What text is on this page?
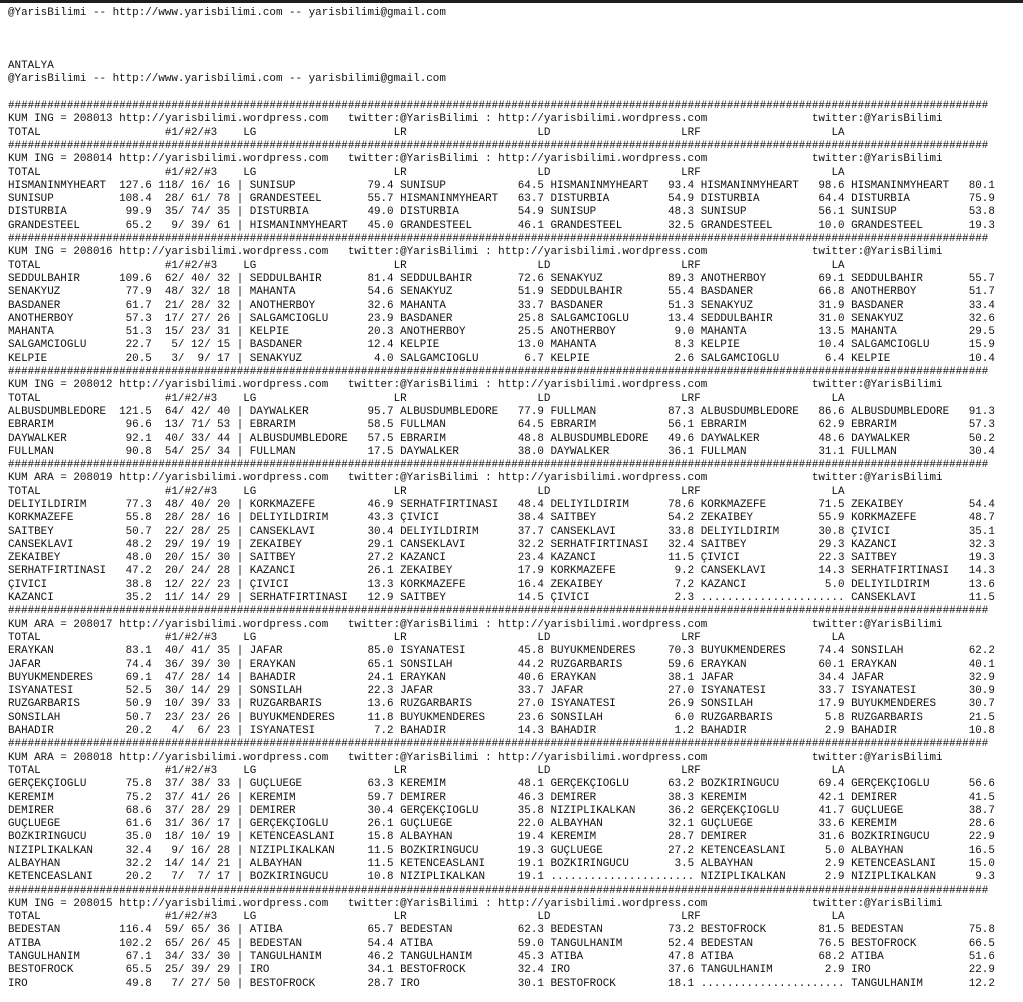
@YarisBilimi -- http://www.yarisbilimi.com -- yarisbilimi@gmail.com

ANTALYA
@YarisBilimi -- http://www.yarisbilimi.com -- yarisbilimi@gmail.com

######################################################################################################################################################
KUM ING = 208013 http://yarisbilimi.wordpress.com   twitter:@YarisBilimi : http://yarisbilimi.wordpress.com                twitter:@YarisBilimi
TOTAL                   #1/#2/#3    LG                     LR                    LD                    LRF                    LA
######################################################################################################################################################
KUM ING = 208014 http://yarisbilimi.wordpress.com   twitter:@YarisBilimi : http://yarisbilimi.wordpress.com                twitter:@YarisBilimi
TOTAL                   #1/#2/#3    LG                     LR                    LD                    LRF                    LA
HISMANINMYHEART  127.6 118/ 16/ 16 | SUNISUP           79.4 SUNISUP           64.5 HISMANINMYHEART   93.4 HISMANINMYHEART   98.6 HISMANINMYHEART   80.1
SUNISUP          108.4  28/ 61/ 78 | GRANDESTEEL       55.7 HISMANINMYHEART   63.7 DISTURBIA         54.9 DISTURBIA         64.4 DISTURBIA         75.9
DISTURBIA         99.9  35/ 74/ 35 | DISTURBIA         49.0 DISTURBIA         54.9 SUNISUP           48.3 SUNISUP           56.1 SUNISUP           53.8
GRANDESTEEL       65.2   9/ 39/ 61 | HISMANINMYHEART   45.0 GRANDESTEEL       46.1 GRANDESTEEL       32.5 GRANDESTEEL       10.0 GRANDESTEEL       19.3
######################################################################################################################################################
KUM ING = 208016 http://yarisbilimi.wordpress.com   twitter:@YarisBilimi : http://yarisbilimi.wordpress.com                twitter:@YarisBilimi
TOTAL                   #1/#2/#3    LG                     LR                    LD                    LRF                    LA
SEDDÜLBAHIR      109.6  62/ 40/ 32 | SEDDÜLBAHIR       81.4 SEDDÜLBAHIR       72.6 SENAKYÜZ          89.3 ANOTHERBOY        69.1 SEDDÜLBAHIR       55.7
SENAKYÜZ          77.9  48/ 32/ 18 | MAHANTA           54.6 SENAKYÜZ          51.9 SEDDÜLBAHIR       55.4 BASDANER          66.8 ANOTHERBOY        51.7
BASDANER          61.7  21/ 28/ 32 | ANOTHERBOY        32.6 MAHANTA           33.7 BASDANER          51.3 SENAKYÜZ          31.9 BASDANER          33.4
ANOTHERBOY        57.3  17/ 27/ 26 | SALGAMCIOGLU      23.9 BASDANER          25.8 SALGAMCIOGLU      13.4 SEDDÜLBAHIR       31.0 SENAKYÜZ          32.6
MAHANTA           51.3  15/ 23/ 31 | KELPIE            20.3 ANOTHERBOY        25.5 ANOTHERBOY         9.0 MAHANTA           13.5 MAHANTA           29.5
SALGAMCIOGLU      22.7   5/ 12/ 15 | BASDANER          12.4 KELPIE            13.0 MAHANTA            8.3 KELPIE            10.4 SALGAMCIOGLU      15.9
KELPIE            20.5   3/  9/ 17 | SENAKYÜZ           4.0 SALGAMCIOGLU       6.7 KELPIE             2.6 SALGAMCIOGLU       6.4 KELPIE            10.4
######################################################################################################################################################
KUM ING = 208012 http://yarisbilimi.wordpress.com   twitter:@YarisBilimi : http://yarisbilimi.wordpress.com                twitter:@YarisBilimi
TOTAL                   #1/#2/#3    LG                     LR                    LD                    LRF                    LA
ALBUSDUMBLEDORE  121.5  64/ 42/ 40 | DAYWALKER         95.7 ALBUSDUMBLEDORE   77.9 FULLMAN           87.3 ALBUSDUMBLEDORE   86.6 ALBUSDUMBLEDORE   91.3
EBRARIM           96.6  13/ 71/ 53 | EBRARIM           58.5 FULLMAN           64.5 EBRARIM           56.1 EBRARIM           62.9 EBRARIM           57.3
DAYWALKER         92.1  40/ 33/ 44 | ALBUSDUMBLEDORE   57.5 EBRARIM           48.8 ALBUSDUMBLEDORE   49.6 DAYWALKER         48.6 DAYWALKER         50.2
FULLMAN           90.8  54/ 25/ 34 | FULLMAN           17.5 DAYWALKER         38.0 DAYWALKER         36.1 FULLMAN           31.1 FULLMAN           30.4
######################################################################################################################################################
KUM ARA = 208019 http://yarisbilimi.wordpress.com   twitter:@YarisBilimi : http://yarisbilimi.wordpress.com                twitter:@YarisBilimi
TOTAL                   #1/#2/#3    LG                     LR                    LD                    LRF                    LA
DELIYILDIRIM      77.3  48/ 40/ 20 | KORKMAZEFE        46.9 SERHATFIRTINASI   48.4 DELIYILDIRIM      78.6 KORKMAZEFE        71.5 ZEKAIBEY          54.4
KORKMAZEFE        55.8  28/ 28/ 16 | DELIYILDIRIM      43.3 ÇIVICI            38.4 SAITBEY           54.2 ZEKAIBEY          55.9 KORKMAZEFE        48.7
SAITBEY           50.7  22/ 28/ 25 | CANSEKLAVI        30.4 DELIYILDIRIM      37.7 CANSEKLAVI        33.8 DELIYILDIRIM      30.8 ÇIVICI            35.1
CANSEKLAVI        48.2  29/ 19/ 19 | ZEKAIBEY          29.1 CANSEKLAVI        32.2 SERHATFIRTINASI   32.4 SAITBEY           29.3 KAZANCI           32.3
ZEKAIBEY          48.0  20/ 15/ 30 | SAITBEY           27.2 KAZANCI           23.4 KAZANCI           11.5 ÇIVICI            22.3 SAITBEY           19.3
SERHATFIRTINASI   47.2  20/ 24/ 28 | KAZANCI           26.1 ZEKAIBEY          17.9 KORKMAZEFE         9.2 CANSEKLAVI        14.3 SERHATFIRTINASI   14.3
ÇIVICI            38.8  12/ 22/ 23 | ÇIVICI            13.3 KORKMAZEFE        16.4 ZEKAIBEY           7.2 KAZANCI            5.0 DELIYILDIRIM      13.6
KAZANCI           35.2  11/ 14/ 29 | SERHATFIRTINASI   12.9 SAITBEY           14.5 ÇIVICI             2.3 ...................... CANSEKLAVI        11.5
######################################################################################################################################################
KUM ARA = 208017 http://yarisbilimi.wordpress.com   twitter:@YarisBilimi : http://yarisbilimi.wordpress.com                twitter:@YarisBilimi
TOTAL                   #1/#2/#3    LG                     LR                    LD                    LRF                    LA
ERAYKAN           83.1  40/ 41/ 35 | JAFAR             85.0 ISYANATESI        45.8 BÜYÜKMENDERES     70.3 BÜYÜKMENDERES     74.4 SONSILAH          62.2
JAFAR             74.4  36/ 39/ 30 | ERAYKAN           65.1 SONSILAH          44.2 RÜZGARBARIS       59.6 ERAYKAN           60.1 ERAYKAN           40.1
BÜYÜKMENDERES     69.1  47/ 28/ 14 | BAHADIR           24.1 ERAYKAN           40.6 ERAYKAN           38.1 JAFAR             34.4 JAFAR             32.9
ISYANATESI        52.5  30/ 14/ 29 | SONSILAH          22.3 JAFAR             33.7 JAFAR             27.0 ISYANATESI        33.7 ISYANATESI        30.9
RÜZGARBARIS       50.9  10/ 39/ 33 | RÜZGARBARIS       13.6 RÜZGARBARIS       27.0 ISYANATESI        26.9 SONSILAH          17.9 BÜYÜKMENDERES     30.7
SONSILAH          50.7  23/ 23/ 26 | BÜYÜKMENDERES     11.8 BÜYÜKMENDERES     23.6 SONSILAH           6.0 RÜZGARBARIS        5.8 RÜZGARBARIS       21.5
BAHADIR           20.2   4/  6/ 23 | ISYANATESI         7.2 BAHADIR           14.3 BAHADIR            1.2 BAHADIR            2.9 BAHADIR           10.8
######################################################################################################################################################
KUM ARA = 208018 http://yarisbilimi.wordpress.com   twitter:@YarisBilimi : http://yarisbilimi.wordpress.com                twitter:@YarisBilimi
TOTAL                   #1/#2/#3    LG                     LR                    LD                    LRF                    LA
GERÇEKÇIOGLU      75.8  37/ 38/ 33 | GÜÇLÜEGE          63.3 KEREMIM           48.1 GERÇEKÇIOGLU      63.2 BOZKIRINGÜCÜ      69.4 GERÇEKÇIOGLU      56.6
KEREMIM           75.2  37/ 41/ 26 | KEREMIM           59.7 DEMIRER           46.3 DEMIRER           38.3 KEREMIM           42.1 DEMIRER           41.5
DEMIRER           68.6  37/ 28/ 29 | DEMIRER           30.4 GERÇEKÇIOGLU      35.8 NIZIPLIKALKAN     36.2 GERÇEKÇIOGLU      41.7 GÜÇLÜEGE          38.7
GÜÇLÜEGE          61.6  31/ 36/ 17 | GERÇEKÇIOGLU      26.1 GÜÇLÜEGE          22.0 ALBAYHAN          32.1 GÜÇLÜEGE          33.6 KEREMIM           28.6
BOZKIRINGÜCÜ      35.0  18/ 10/ 19 | KETENCEASLANI     15.8 ALBAYHAN          19.4 KEREMIM           28.7 DEMIRER           31.6 BOZKIRINGÜCÜ      22.9
NIZIPLIKALKAN     32.4   9/ 16/ 28 | NIZIPLIKALKAN     11.5 BOZKIRINGÜCÜ      19.3 GÜÇLÜEGE          27.2 KETENCEASLANI      5.0 ALBAYHAN          16.5
ALBAYHAN          32.2  14/ 14/ 21 | ALBAYHAN          11.5 KETENCEASLANI     19.1 BOZKIRINGÜCÜ       3.5 ALBAYHAN           2.9 KETENCEASLANI     15.0
KETENCEASLANI     20.2   7/  7/ 17 | BOZKIRINGÜCÜ      10.8 NIZIPLIKALKAN     19.1 ...................... NIZIPLIKALKAN      2.9 NIZIPLIKALKAN      9.3
######################################################################################################################################################
KUM ING = 208015 http://yarisbilimi.wordpress.com   twitter:@YarisBilimi : http://yarisbilimi.wordpress.com                twitter:@YarisBilimi
TOTAL                   #1/#2/#3    LG                     LR                    LD                    LRF                    LA
BEDESTAN         116.4  59/ 65/ 36 | ATIBA             65.7 BEDESTAN          62.3 BEDESTAN          73.2 BESTOFROCK        81.5 BEDESTAN          75.8
ATIBA            102.2  65/ 26/ 45 | BEDESTAN          54.4 ATIBA             59.0 TANGÜLHANIM       52.4 BEDESTAN          76.5 BESTOFROCK        66.5
TANGÜLHANIM       67.1  34/ 33/ 30 | TANGÜLHANIM       46.2 TANGÜLHANIM       45.3 ATIBA             47.8 ATIBA             68.2 ATIBA             51.6
BESTOFROCK        65.5  25/ 39/ 29 | IRO               34.1 BESTOFROCK        32.4 IRO               37.6 TANGÜLHANIM        2.9 IRO               22.9
IRO               49.8   7/ 27/ 50 | BESTOFROCK        28.7 IRO               30.1 BESTOFROCK        18.1 ...................... TANGÜLHANIM       12.2
